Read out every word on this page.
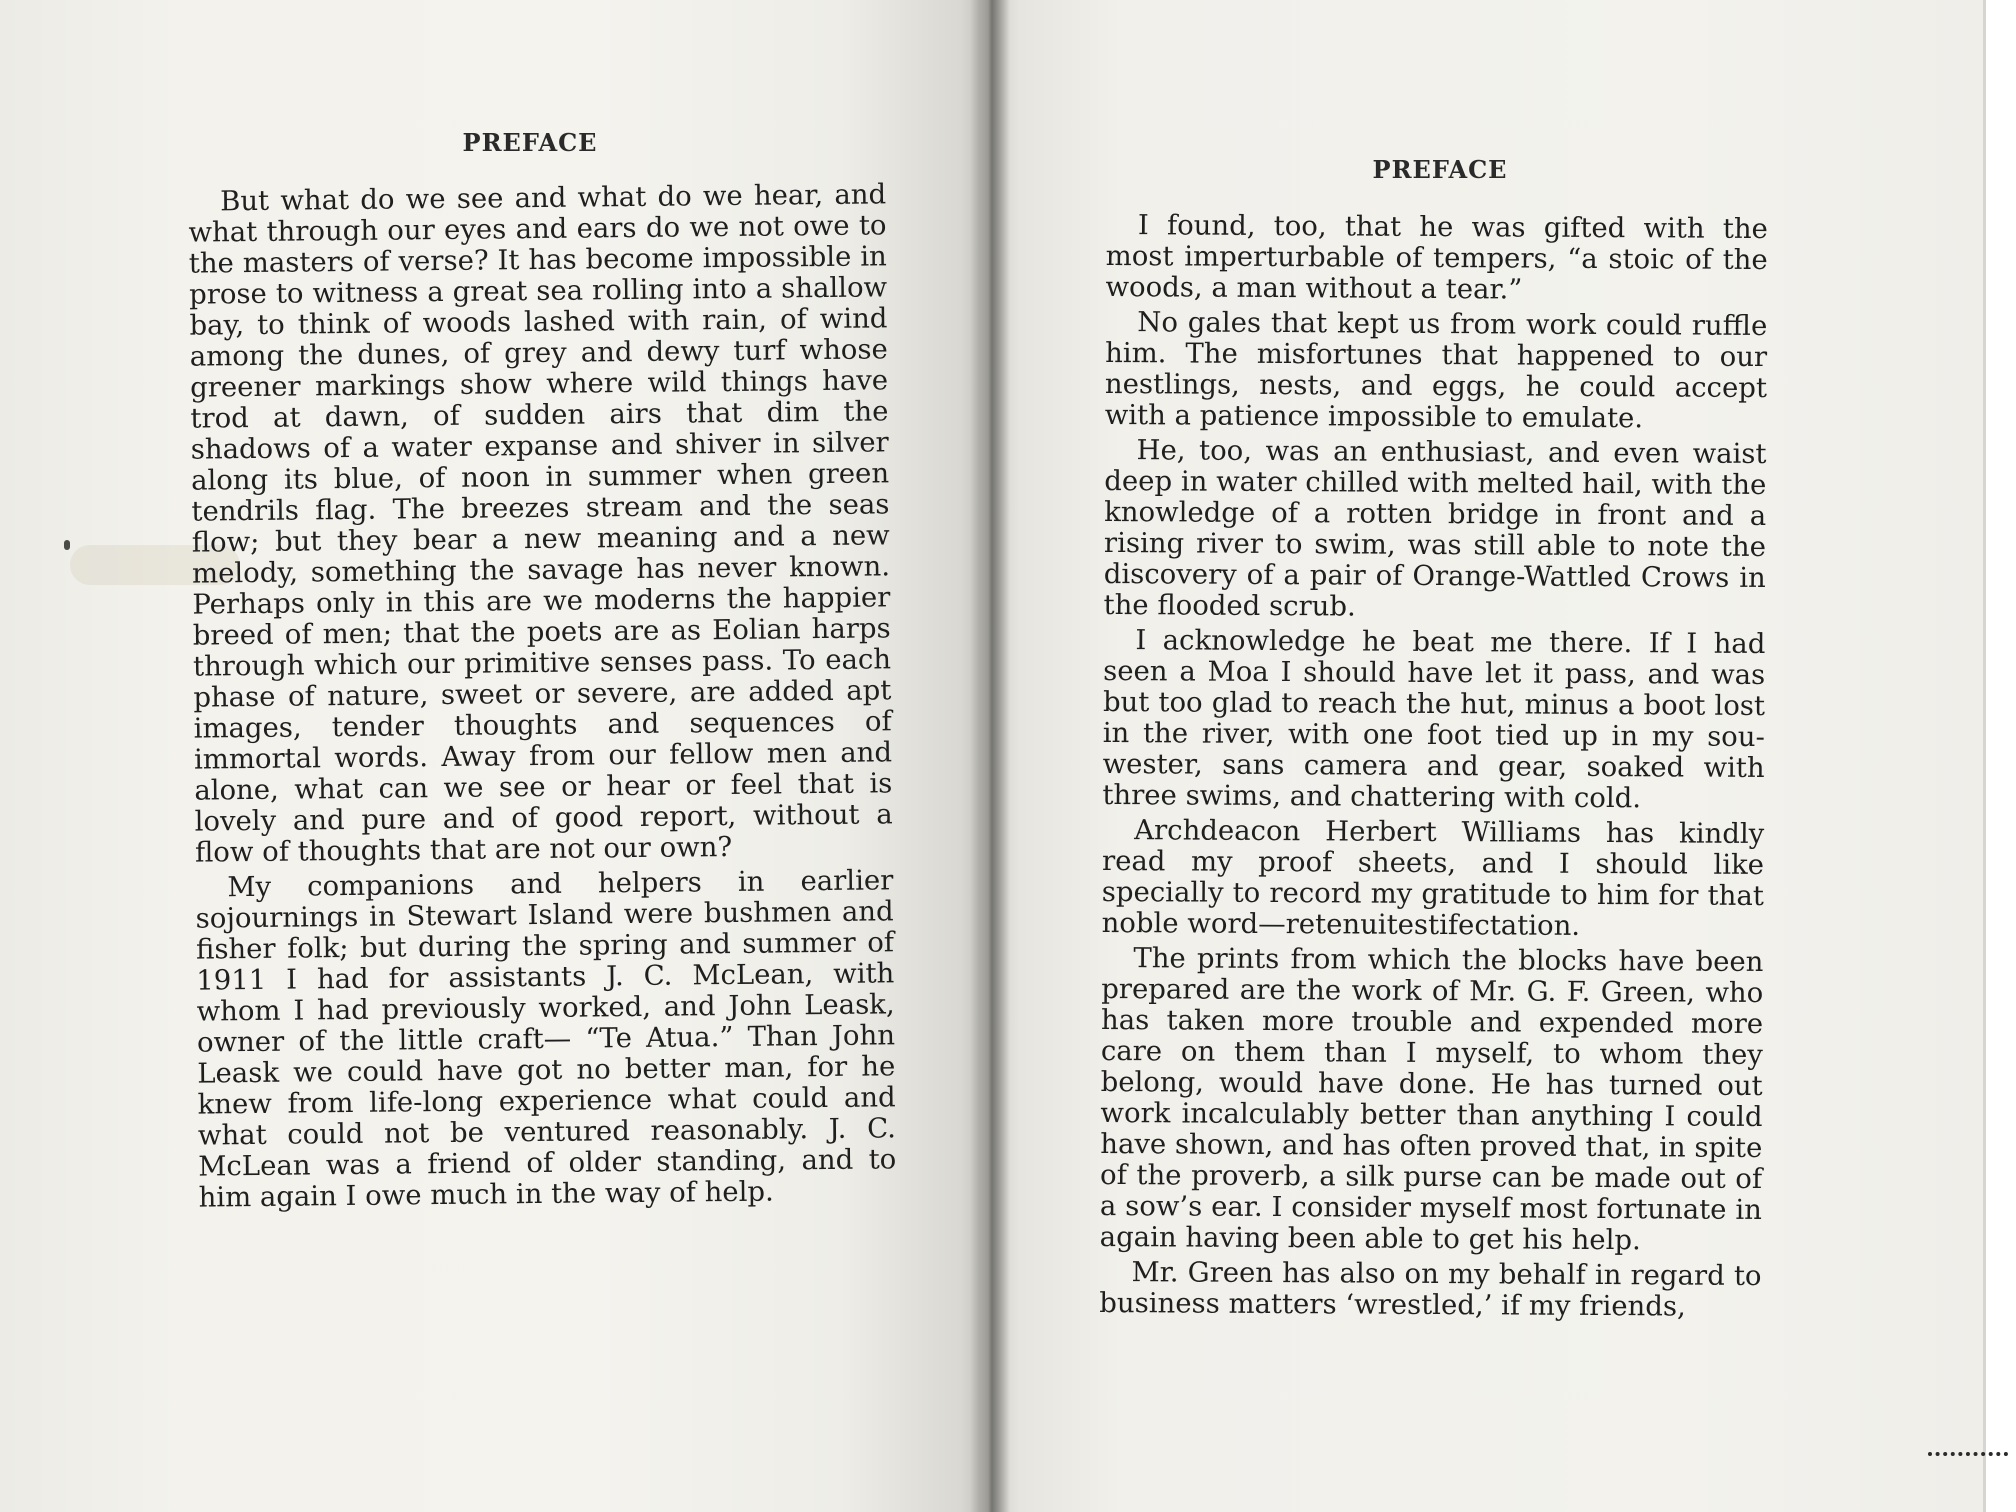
PREFACE

But what do we see and what do we hear, and what through our eyes and ears do we not owe to the masters of verse? It has become impossible in prose to witness a great sea rolling into a shallow bay, to think of woods lashed with rain, of wind among the dunes, of grey and dewy turf whose greener markings show where wild things have trod at dawn, of sudden airs that dim the shadows of a water expanse and shiver in silver along its blue, of noon in summer when green tendrils flag. The breezes stream and the seas flow; but they bear a new meaning and a new melody, something the savage has never known. Perhaps only in this are we moderns the happier breed of men; that the poets are as Eolian harps through which our primitive senses pass. To each phase of nature, sweet or severe, are added apt images, tender thoughts and sequences of immortal words. Away from our fellow men and alone, what can we see or hear or feel that is lovely and pure and of good report, without a flow of thoughts that are not our own?

My companions and helpers in earlier sojournings in Stewart Island were bushmen and fisher folk; but during the spring and summer of 1911 I had for assistants J. C. McLean, with whom I had previously worked, and John Leask, owner of the little craft— “Te Atua.” Than John Leask we could have got no better man, for he knew from life-long experience what could and what could not be ventured reasonably. J. C. McLean was a friend of older standing, and to him again I owe much in the way of help.

PREFACE

I found, too, that he was gifted with the most imperturbable of tempers, “a stoic of the woods, a man without a tear.”

No gales that kept us from work could ruffle him. The misfortunes that happened to our nestlings, nests, and eggs, he could accept with a patience impossible to emulate.

He, too, was an enthusiast, and even waist deep in water chilled with melted hail, with the knowledge of a rotten bridge in front and a rising river to swim, was still able to note the discovery of a pair of Orange-Wattled Crows in the flooded scrub.

I acknowledge he beat me there. If I had seen a Moa I should have let it pass, and was but too glad to reach the hut, minus a boot lost in the river, with one foot tied up in my sou-wester, sans camera and gear, soaked with three swims, and chattering with cold.

Archdeacon Herbert Williams has kindly read my proof sheets, and I should like specially to record my gratitude to him for that noble word—retenuitestifectation.

The prints from which the blocks have been prepared are the work of Mr. G. F. Green, who has taken more trouble and expended more care on them than I myself, to whom they belong, would have done. He has turned out work incalculably better than anything I could have shown, and has often proved that, in spite of the proverb, a silk purse can be made out of a sow’s ear. I consider myself most fortunate in again having been able to get his help.

Mr. Green has also on my behalf in regard to business matters ‘wrestled,’ if my friends,
